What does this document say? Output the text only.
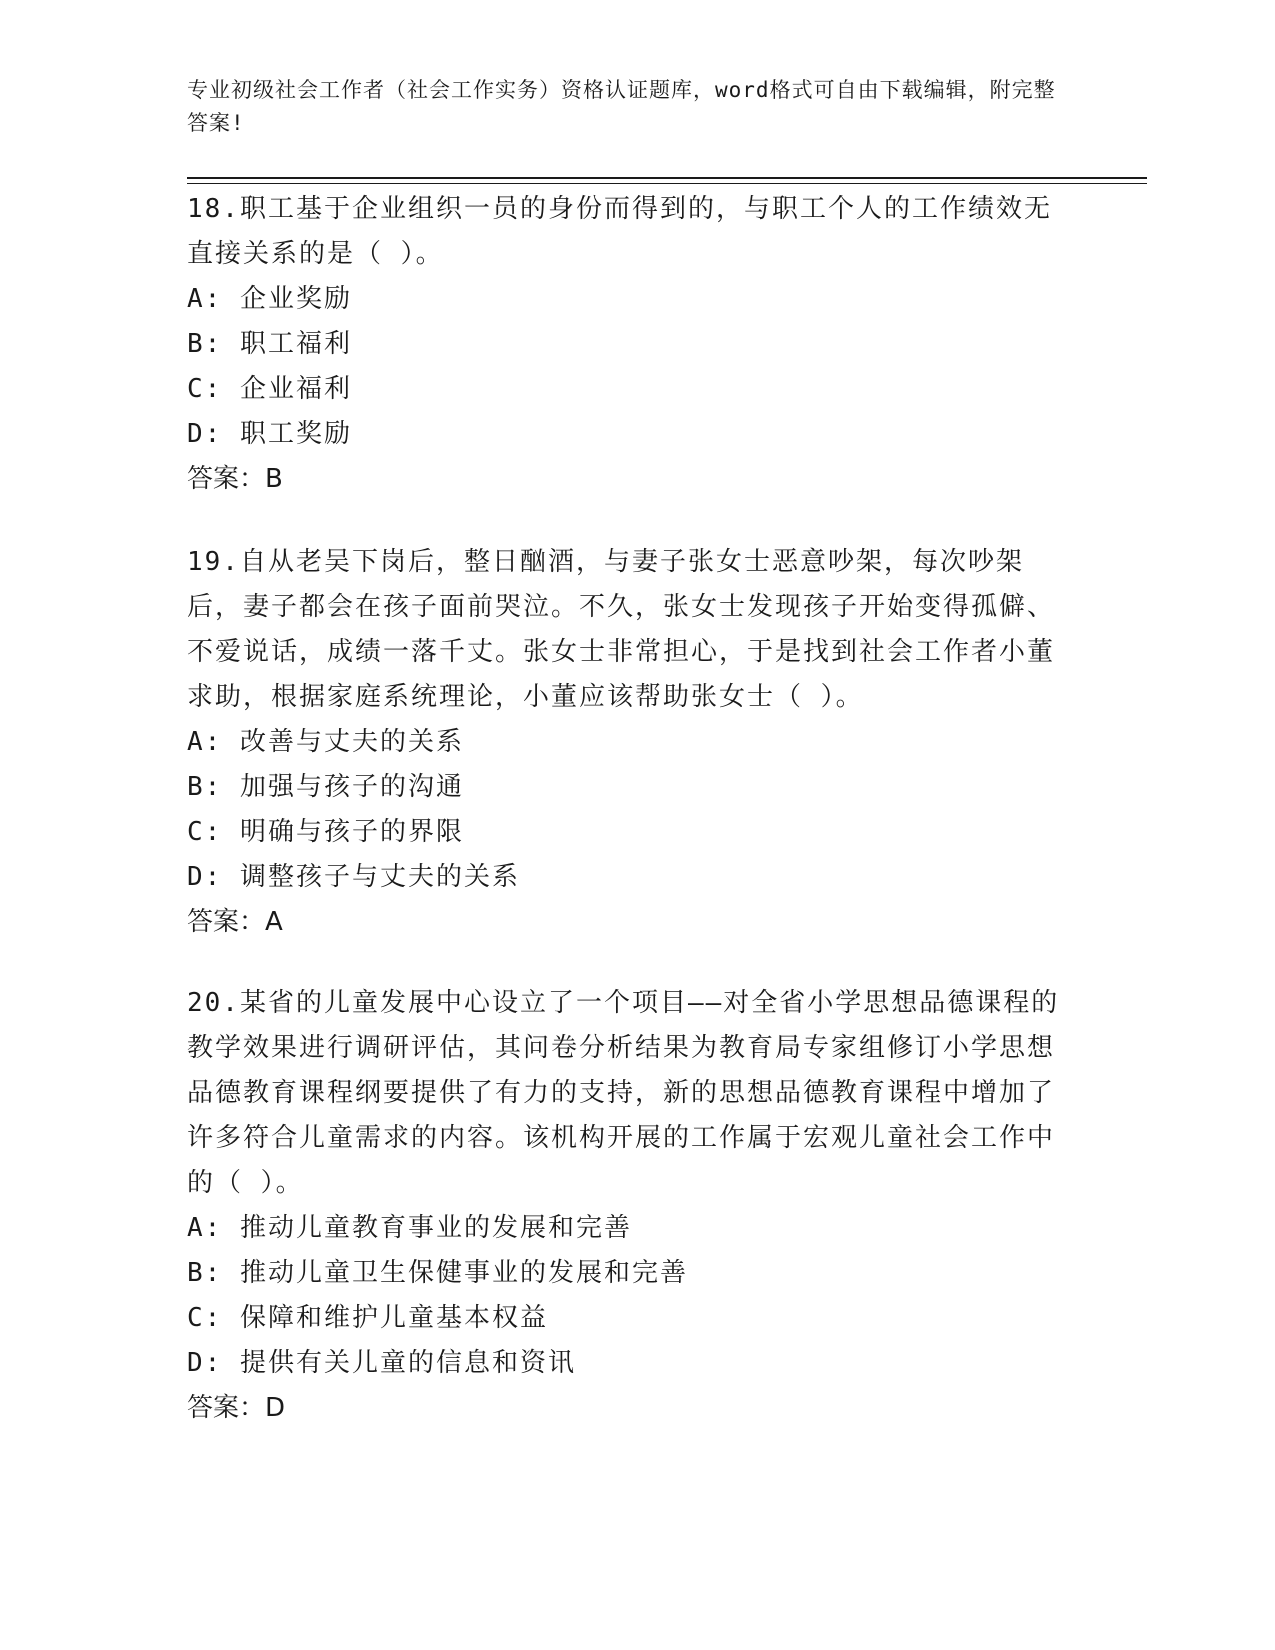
专业初级社会工作者（社会工作实务）资格认证题库，word格式可自由下载编辑，附完整答案!

18.职工基于企业组织一员的身份而得到的，与职工个人的工作绩效无直接关系的是（ ）。

A: 企业奖励
B: 职工福利
C: 企业福利
D: 职工奖励

答案：B

19.自从老吴下岗后，整日酗酒，与妻子张女士恶意吵架，每次吵架后，妻子都会在孩子面前哭泣。不久，张女士发现孩子开始变得孤僻、不爱说话，成绩一落千丈。张女士非常担心，于是找到社会工作者小董求助，根据家庭系统理论，小董应该帮助张女士（ ）。

A: 改善与丈夫的关系
B: 加强与孩子的沟通
C: 明确与孩子的界限
D: 调整孩子与丈夫的关系

答案：A

20.某省的儿童发展中心设立了一个项目——对全省小学思想品德课程的教学效果进行调研评估，其问卷分析结果为教育局专家组修订小学思想品德教育课程纲要提供了有力的支持，新的思想品德教育课程中增加了许多符合儿童需求的内容。该机构开展的工作属于宏观儿童社会工作中的（ ）。

A: 推动儿童教育事业的发展和完善
B: 推动儿童卫生保健事业的发展和完善
C: 保障和维护儿童基本权益
D: 提供有关儿童的信息和资讯

答案：D
